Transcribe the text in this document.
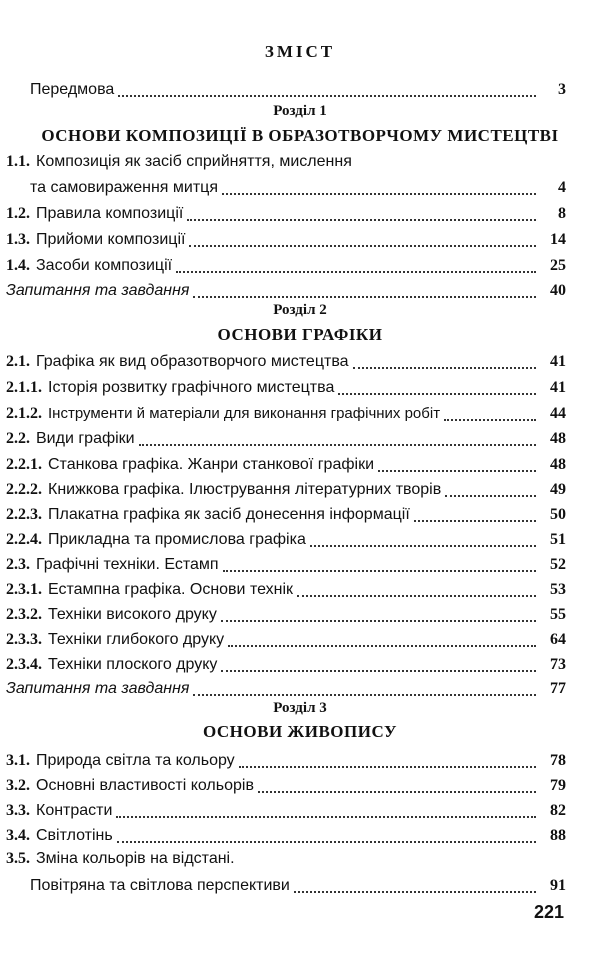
ЗМІСТ
Передмова	3
Розділ 1
ОСНОВИ КОМПОЗИЦІЇ В ОБРАЗОТВОРЧОМУ МИСТЕЦТВІ
1.1. Композиція як засіб сприйняття, мислення
та самовираження митця	4
1.2. Правила композиції	8
1.3. Прийоми композиції	14
1.4. Засоби композиції	25
Запитання та завдання	40
Розділ 2
ОСНОВИ ГРАФІКИ
2.1. Графіка як вид образотворчого мистецтва	41
2.1.1. Історія розвитку графічного мистецтва	41
2.1.2. Інструменти й матеріали для виконання графічних робіт	44
2.2. Види графіки	48
2.2.1. Станкова графіка. Жанри станкової графіки	48
2.2.2. Книжкова графіка. Ілюстрування літературних творів	49
2.2.3. Плакатна графіка як засіб донесення інформації	50
2.2.4. Прикладна та промислова графіка	51
2.3. Графічні техніки. Естамп	52
2.3.1. Естампна графіка. Основи технік	53
2.3.2. Техніки високого друку	55
2.3.3. Техніки глибокого друку	64
2.3.4. Техніки плоского друку	73
Запитання та завдання	77
Розділ 3
ОСНОВИ ЖИВОПИСУ
3.1. Природа світла та кольору	78
3.2. Основні властивості кольорів	79
3.3. Контрасти	82
3.4. Світлотінь	88
3.5. Зміна кольорів на відстані.
Повітряна та світлова перспективи	91
221
